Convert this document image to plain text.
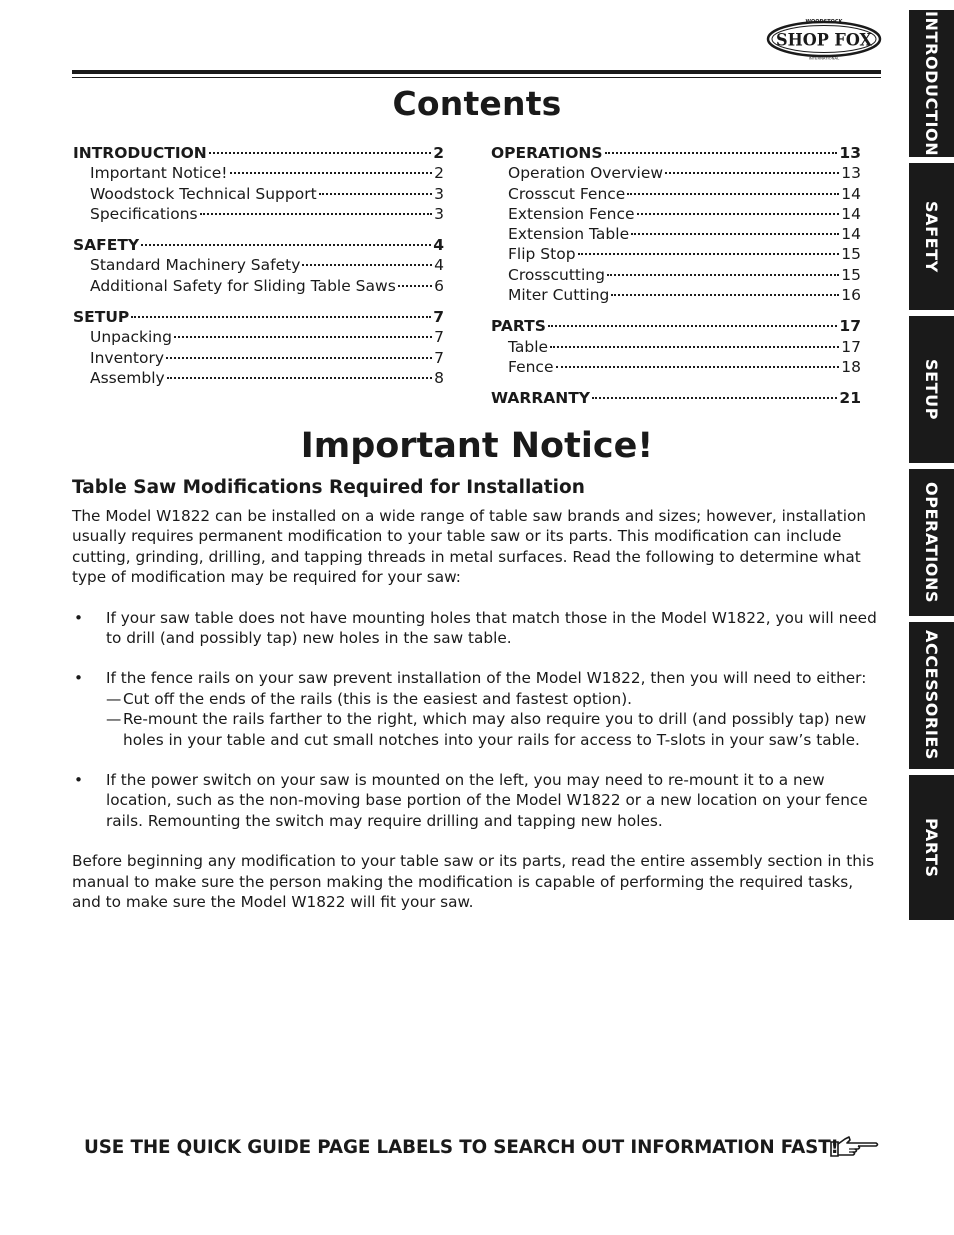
WOODSTOCK
SHOP FOX
INTERNATIONAL
Contents
INTRODUCTION	2
Important Notice!	2
Woodstock Technical Support	3
Specifications	3
SAFETY	4
Standard Machinery Safety	4
Additional Safety for Sliding Table Saws 6
SETUP	7
Unpacking	7
Inventory	7
Assembly	8
OPERATIONS	13
Operation Overview	13
Crosscut Fence	14
Extension Fence	14
Extension Table	14
Flip Stop	15
Crosscutting	15
Miter Cutting	16
PARTS	17
Table	17
Fence	18
WARRANTY	21
Important Notice!
Table Saw Modifications Required for Installation

The Model W1822 can be installed on a wide range of table saw brands and sizes; however, installation usually requires permanent modification to your table saw or its parts. This modification can include cutting, grinding, drilling, and tapping threads in metal surfaces. Read the following to determine what type of modification may be required for your saw:

•	If your saw table does not have mounting holes that match those in the Model W1822, you will need to drill (and possibly tap) new holes in the saw table.
•	If the fence rails on your saw prevent installation of the Model W1822, then you will need to either:
— Cut off the ends of the rails (this is the easiest and fastest option).
— Re-mount the rails farther to the right, which may also require you to drill (and possibly tap) new holes in your table and cut small notches into your rails for access to T-slots in your saw’s table.
•	If the power switch on your saw is mounted on the left, you may need to re-mount it to a new location, such as the non-moving base portion of the Model W1822 or a new location on your fence rails. Remounting the switch may require drilling and tapping new holes.

Before beginning any modification to your table saw or its parts, read the entire assembly section in this manual to make sure the person making the modification is capable of performing the required tasks, and to make sure the Model W1822 will fit your saw.

USE THE QUICK GUIDE PAGE LABELS TO SEARCH OUT INFORMATION FAST!
INTRODUCTION
SAFETY
SETUP
OPERATIONS
ACCESSORIES
PARTS
